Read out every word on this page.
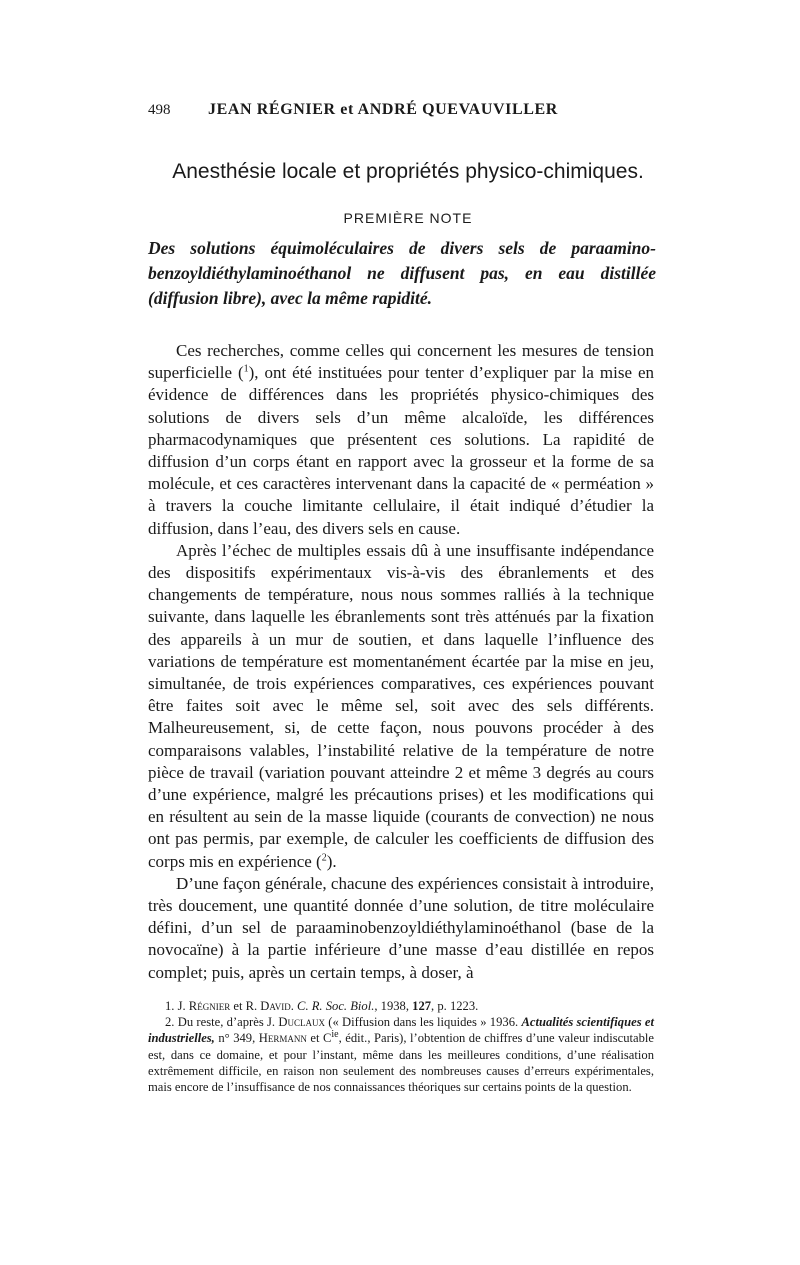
498	JEAN RÉGNIER et ANDRÉ QUEVAUVILLER
Anesthésie locale et propriétés physico-chimiques.
PREMIÈRE NOTE
Des solutions équimoléculaires de divers sels de paraaminobenzoyldiéthylaminoéthanol ne diffusent pas, en eau distillée (diffusion libre), avec la même rapidité.

Ces recherches, comme celles qui concernent les mesures de tension superficielle ($^1$), ont été instituées pour tenter d’expliquer par la mise en évidence de différences dans les propriétés physico-chimiques des solutions de divers sels d’un même alcaloïde, les différences pharmacodynamiques que présentent ces solutions. La rapidité de diffusion d’un corps étant en rapport avec la grosseur et la forme de sa molécule, et ces caractères intervenant dans la capacité de « perméation » à travers la couche limitante cellulaire, il était indiqué d’étudier la diffusion, dans l’eau, des divers sels en cause.

Après l’échec de multiples essais dû à une insuffisante indépendance des dispositifs expérimentaux vis-à-vis des ébranlements et des changements de température, nous nous sommes ralliés à la technique suivante, dans laquelle les ébranlements sont très atténués par la fixation des appareils à un mur de soutien, et dans laquelle l’influence des variations de température est momentanément écartée par la mise en jeu, simultanée, de trois expériences comparatives, ces expériences pouvant être faites soit avec le même sel, soit avec des sels différents. Malheureusement, si, de cette façon, nous pouvons procéder à des comparaisons valables, l’instabilité relative de la température de notre pièce de travail (variation pouvant atteindre 2 et même 3 degrés au cours d’une expérience, malgré les précautions prises) et les modifications qui en résultent au sein de la masse liquide (courants de convection) ne nous ont pas permis, par exemple, de calculer les coefficients de diffusion des corps mis en expérience ($^2$).

D’une façon générale, chacune des expériences consistait à introduire, très doucement, une quantité donnée d’une solution, de titre moléculaire défini, d’un sel de paraaminobenzoyldiéthylaminoéthanol (base de la novocaïne) à la partie inférieure d’une masse d’eau distillée en repos complet; puis, après un certain temps, à doser, à

1. J. Régnier et R. David. C. R. Soc. Biol., 1938, 127, p. 1223.

2. Du reste, d’après J. Duclaux (« Diffusion dans les liquides » 1936. Actualités scientifiques et industrielles, n° 349, Hermann et $C^{ie}$, édit., Paris), l’obtention de chiffres d’une valeur indiscutable est, dans ce domaine, et pour l’instant, même dans les meilleures conditions, d’une réalisation extrêmement difficile, en raison non seulement des nombreuses causes d’erreurs expérimentales, mais encore de l’insuffisance de nos connaissances théoriques sur certains points de la question.
